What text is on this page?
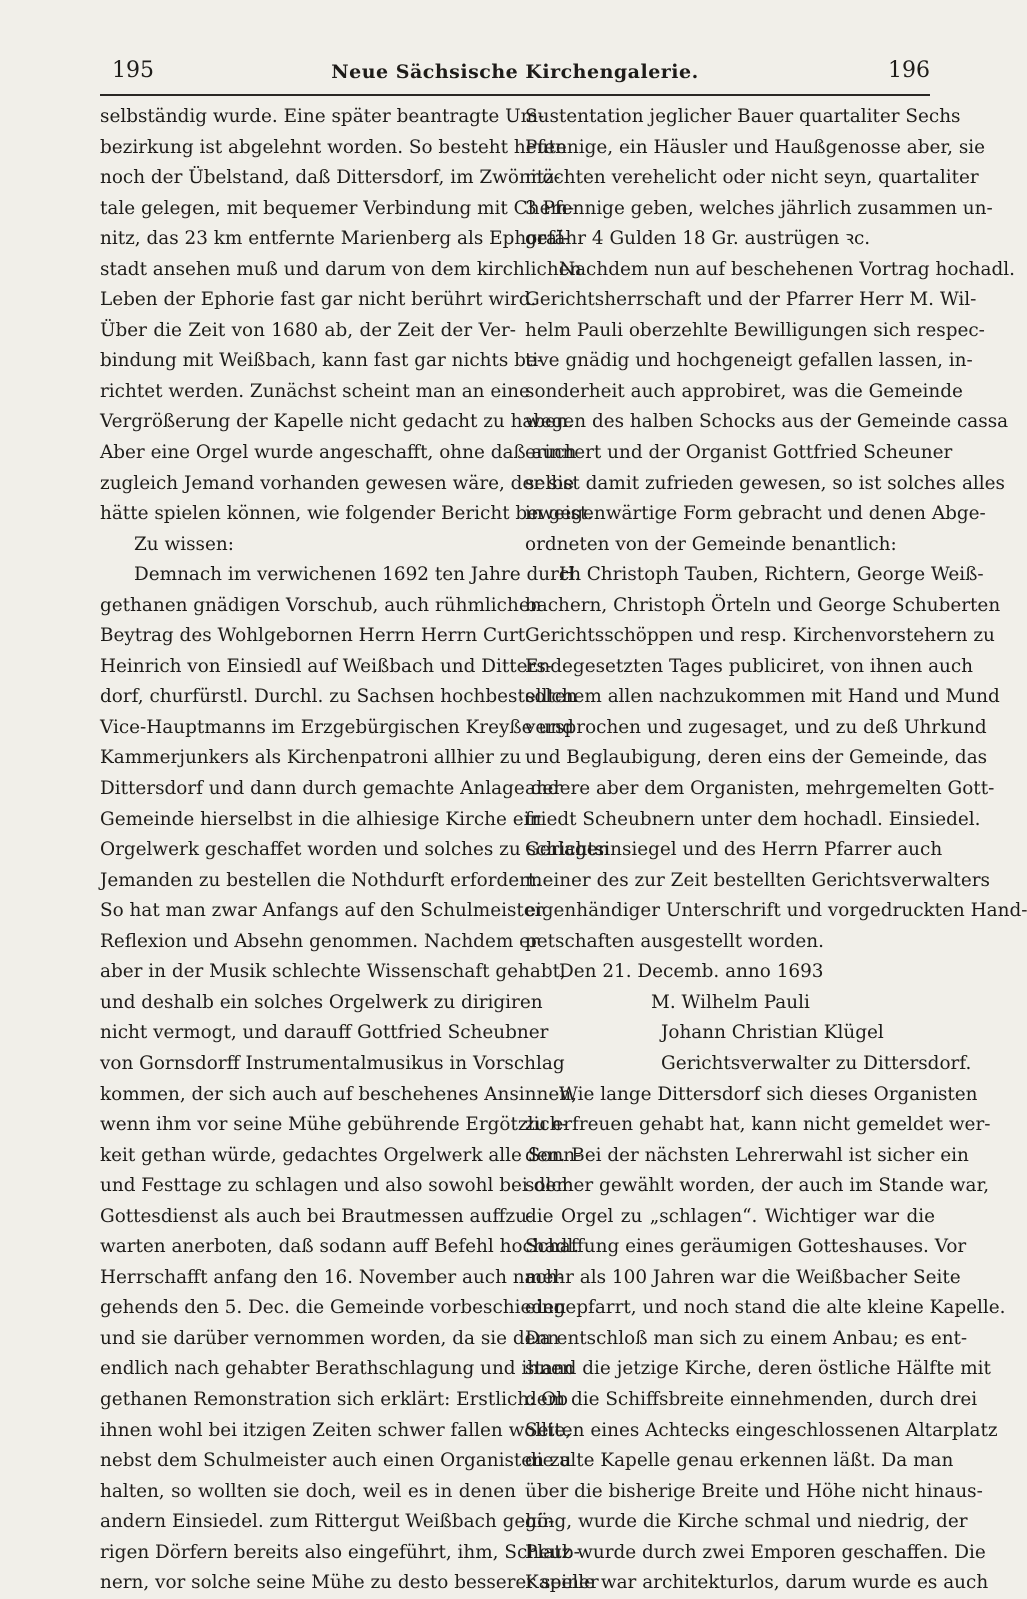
195	Neue Sächsische Kirchengalerie.	196
selbständig wurde. Eine später beantragte Um-
bezirkung ist abgelehnt worden. So besteht heute
noch der Übelstand, daß Dittersdorf, im Zwönitz-
tale gelegen, mit bequemer Verbindung mit Chem-
nitz, das 23 km entfernte Marienberg als Ephoral-
stadt ansehen muß und darum von dem kirchlichen
Leben der Ephorie fast gar nicht berührt wird.
Über die Zeit von 1680 ab, der Zeit der Ver-
bindung mit Weißbach, kann fast gar nichts be-
richtet werden. Zunächst scheint man an eine
Vergrößerung der Kapelle nicht gedacht zu haben.
Aber eine Orgel wurde angeschafft, ohne daß auch
zugleich Jemand vorhanden gewesen wäre, der sie
hätte spielen können, wie folgender Bericht beweist.
Zu wissen:
Demnach im verwichenen 1692 ten Jahre durch
gethanen gnädigen Vorschub, auch rühmlichen
Beytrag des Wohlgebornen Herrn Herrn Curt
Heinrich von Einsiedl auf Weißbach und Ditters-
dorf, churfürstl. Durchl. zu Sachsen hochbestellten
Vice-Hauptmanns im Erzgebürgischen Kreyße und
Kammerjunkers als Kirchenpatroni allhier zu
Dittersdorf und dann durch gemachte Anlage der
Gemeinde hierselbst in die alhiesige Kirche ein
Orgelwerk geschaffet worden und solches zu schlagen
Jemanden zu bestellen die Nothdurft erfordert.
So hat man zwar Anfangs auf den Schulmeister
Reflexion und Absehn genommen. Nachdem er
aber in der Musik schlechte Wissenschaft gehabt,
und deshalb ein solches Orgelwerk zu dirigiren
nicht vermogt, und darauff Gottfried Scheubner
von Gornsdorff Instrumentalmusikus in Vorschlag
kommen, der sich auch auf beschehenes Ansinnen,
wenn ihm vor seine Mühe gebührende Ergötzlich-
keit gethan würde, gedachtes Orgelwerk alle Sonn-
und Festtage zu schlagen und also sowohl bei dem
Gottesdienst als auch bei Brautmessen auffzu-
warten anerboten, daß sodann auff Befehl hochadl.
Herrschafft anfang den 16. November auch nach-
gehends den 5. Dec. die Gemeinde vorbeschieden
und sie darüber vernommen worden, da sie denn
endlich nach gehabter Berathschlagung und ihnen
gethanen Remonstration sich erklärt: Erstlich: Ob
ihnen wohl bei itzigen Zeiten schwer fallen wollte,
nebst dem Schulmeister auch einen Organisten zu
halten, so wollten sie doch, weil es in denen
andern Einsiedel. zum Rittergut Weißbach gehö-
rigen Dörfern bereits also eingeführt, ihm, Scheub-
nern, vor solche seine Mühe zu desto besserer seiner
Sustentation jeglicher Bauer quartaliter Sechs
Pfennige, ein Häusler und Haußgenosse aber, sie
möchten verehelicht oder nicht seyn, quartaliter
3 Pfennige geben, welches jährlich zusammen un-
gefähr 4 Gulden 18 Gr. austrügen ꝛc.
Nachdem nun auf beschehenen Vortrag hochadl.
Gerichtsherrschaft und der Pfarrer Herr M. Wil-
helm Pauli oberzehlte Bewilligungen sich respec-
tive gnädig und hochgeneigt gefallen lassen, in-
sonderheit auch approbiret, was die Gemeinde
wegen des halben Schocks aus der Gemeinde cassa
erinnert und der Organist Gottfried Scheuner
selbst damit zufrieden gewesen, so ist solches alles
in gegenwärtige Form gebracht und denen Abge-
ordneten von der Gemeinde benantlich:
H. Christoph Tauben, Richtern, George Weiß-
bachern, Christoph Örteln und George Schuberten
Gerichtsschöppen und resp. Kirchenvorstehern zu
Endegesetzten Tages publiciret, von ihnen auch
solchem allen nachzukommen mit Hand und Mund
versprochen und zugesaget, und zu deß Uhrkund
und Beglaubigung, deren eins der Gemeinde, das
andere aber dem Organisten, mehrgemelten Gott-
friedt Scheubnern unter dem hochadl. Einsiedel.
Gerichtsinsiegel und des Herrn Pfarrer auch
meiner des zur Zeit bestellten Gerichtsverwalters
eigenhändiger Unterschrift und vorgedruckten Hand-
petschaften ausgestellt worden.
Den 21. Decemb. anno 1693
M. Wilhelm Pauli
Johann Christian Klügel
Gerichtsverwalter zu Dittersdorf.
Wie lange Dittersdorf sich dieses Organisten
zu erfreuen gehabt hat, kann nicht gemeldet wer-
den. Bei der nächsten Lehrerwahl ist sicher ein
solcher gewählt worden, der auch im Stande war,
die Orgel zu „schlagen“. Wichtiger war die
Schaffung eines geräumigen Gotteshauses. Vor
mehr als 100 Jahren war die Weißbacher Seite
eingepfarrt, und noch stand die alte kleine Kapelle.
Da entschloß man sich zu einem Anbau; es ent-
stand die jetzige Kirche, deren östliche Hälfte mit
dem die Schiffsbreite einnehmenden, durch drei
Seiten eines Achtecks eingeschlossenen Altarplatz
die alte Kapelle genau erkennen läßt. Da man
über die bisherige Breite und Höhe nicht hinaus-
ging, wurde die Kirche schmal und niedrig, der
Platz wurde durch zwei Emporen geschaffen. Die
Kapelle war architekturlos, darum wurde es auch
